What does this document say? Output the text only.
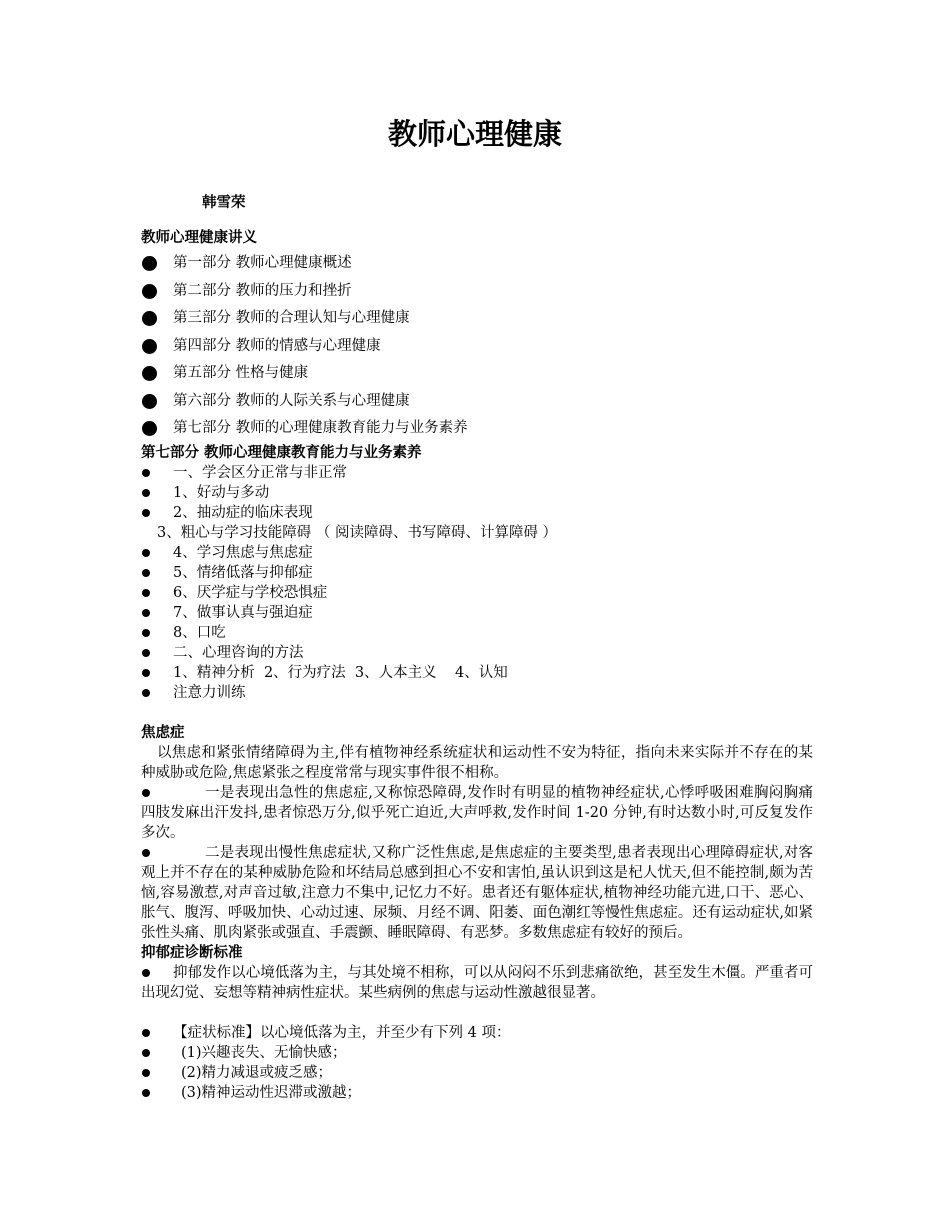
教师心理健康
韩雪荣
教师心理健康讲义
第一部分 教师心理健康概述
第二部分 教师的压力和挫折
第三部分 教师的合理认知与心理健康
第四部分 教师的情感与心理健康
第五部分 性格与健康
第六部分 教师的人际关系与心理健康
第七部分 教师的心理健康教育能力与业务素养
第七部分 教师心理健康教育能力与业务素养
一、学会区分正常与非正常
1、好动与多动
2、抽动症的临床表现
3、粗心与学习技能障碍 （ 阅读障碍、书写障碍、计算障碍 ）
4、学习焦虑与焦虑症
5、情绪低落与抑郁症
6、厌学症与学校恐惧症
7、做事认真与强迫症
8、口吃
二、心理咨询的方法
1、精神分析  2、行为疗法  3、人本主义    4、认知
注意力训练
焦虑症
以焦虑和紧张情绪障碍为主,伴有植物神经系统症状和运动性不安为特征，指向未来实际并不存在的某种威胁或危险,焦虑紧张之程度常常与现实事件很不相称。
一是表现出急性的焦虑症,又称惊恐障碍,发作时有明显的植物神经症状,心悸呼吸困难胸闷胸痛四肢发麻出汗发抖,患者惊恐万分,似乎死亡迫近,大声呼救,发作时间 1-20 分钟,有时达数小时,可反复发作多次。
二是表现出慢性焦虑症状,又称广泛性焦虑,是焦虑症的主要类型,患者表现出心理障碍症状,对客观上并不存在的某种威胁危险和坏结局总感到担心不安和害怕,虽认识到这是杞人忧天,但不能控制,颇为苦恼,容易激惹,对声音过敏,注意力不集中,记忆力不好。患者还有躯体症状,植物神经功能亢进,口干、恶心、胀气、腹泻、呼吸加快、心动过速、尿频、月经不调、阳萎、面色潮红等慢性焦虑症。还有运动症状,如紧张性头痛、肌肉紧张或强直、手震颤、睡眠障碍、有恶梦。多数焦虑症有较好的预后。
抑郁症诊断标准
抑郁发作以心境低落为主，与其处境不相称，可以从闷闷不乐到悲痛欲绝，甚至发生木僵。严重者可出现幻觉、妄想等精神病性症状。某些病例的焦虑与运动性激越很显著。
【症状标准】以心境低落为主，并至少有下列 4 项：
(1)兴趣丧失、无愉快感；
(2)精力减退或疲乏感；
(3)精神运动性迟滞或激越；
